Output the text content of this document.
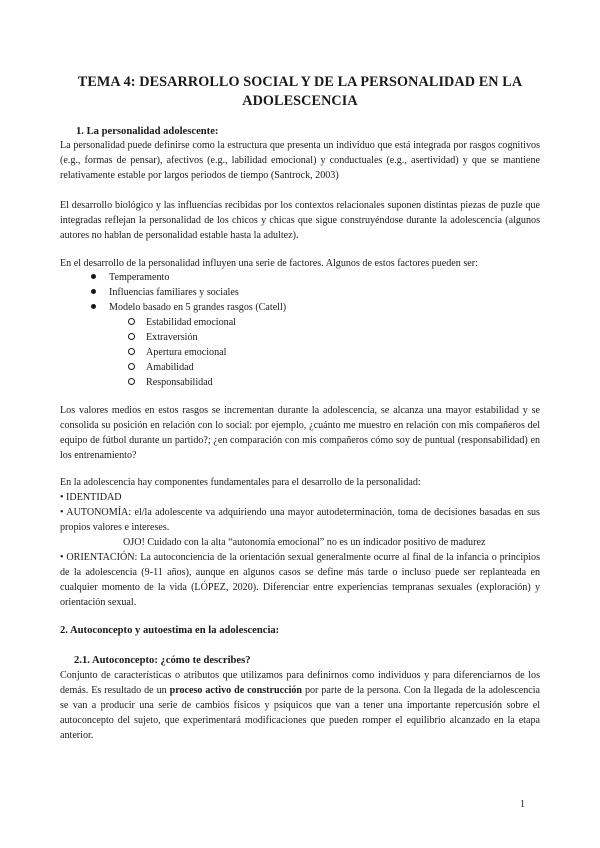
TEMA 4: DESARROLLO SOCIAL Y DE LA PERSONALIDAD EN LA ADOLESCENCIA
1. La personalidad adolescente:

La personalidad puede definirse como la estructura que presenta un individuo que está integrada por rasgos cognitivos (e.g., formas de pensar), afectivos (e.g., labilidad emocional) y conductuales (e.g., asertividad) y que se mantiene relativamente estable por largos periodos de tiempo (Santrock, 2003)

El desarrollo biológico y las influencias recibidas por los contextos relacionales suponen distintas piezas de puzle que integradas reflejan la personalidad de los chicos y chicas que sigue construyéndose durante la adolescencia (algunos autores no hablan de personalidad estable hasta la adultez).

En el desarrollo de la personalidad influyen una serie de factores. Algunos de estos factores pueden ser:

Temperamento
Influencias familiares y sociales
Modelo basado en 5 grandes rasgos (Catell)
Estabilidad emocional
Extraversión
Apertura emocional
Amabilidad
Responsabilidad

Los valores medios en estos rasgos se incrementan durante la adolescencia, se alcanza una mayor estabilidad y se consolida su posición en relación con lo social: por ejemplo, ¿cuánto me muestro en relación con mis compañeros del equipo de fútbol durante un partido?; ¿en comparación con mis compañeros cómo soy de puntual (responsabilidad) en los entrenamiento?

En la adolescencia hay componentes fundamentales para el desarrollo de la personalidad:

• IDENTIDAD

• AUTONOMÍA: el/la adolescente va adquiriendo una mayor autodeterminación, toma de decisiones basadas en sus propios valores e intereses.

OJO! Cuidado con la alta “autonomía emocional” no es un indicador positivo de madurez

• ORIENTACIÓN: La autoconciencia de la orientación sexual generalmente ocurre al final de la infancia o principios de la adolescencia (9-11 años), aunque en algunos casos se define más tarde o incluso puede ser replanteada en cualquier momento de la vida (LÓPEZ, 2020). Diferenciar entre experiencias tempranas sexuales (exploración) y orientación sexual.

2. Autoconcepto y autoestima en la adolescencia:
2.1. Autoconcepto: ¿cómo te describes?

Conjunto de características o atributos que utilizamos para definirnos como individuos y para diferenciarnos de los demás. Es resultado de un proceso activo de construcción por parte de la persona. Con la llegada de la adolescencia se van a producir una serie de cambios físicos y psíquicos que van a tener una importante repercusión sobre el autoconcepto del sujeto, que experimentará modificaciones que pueden romper el equilibrio alcanzado en la etapa anterior.

1
